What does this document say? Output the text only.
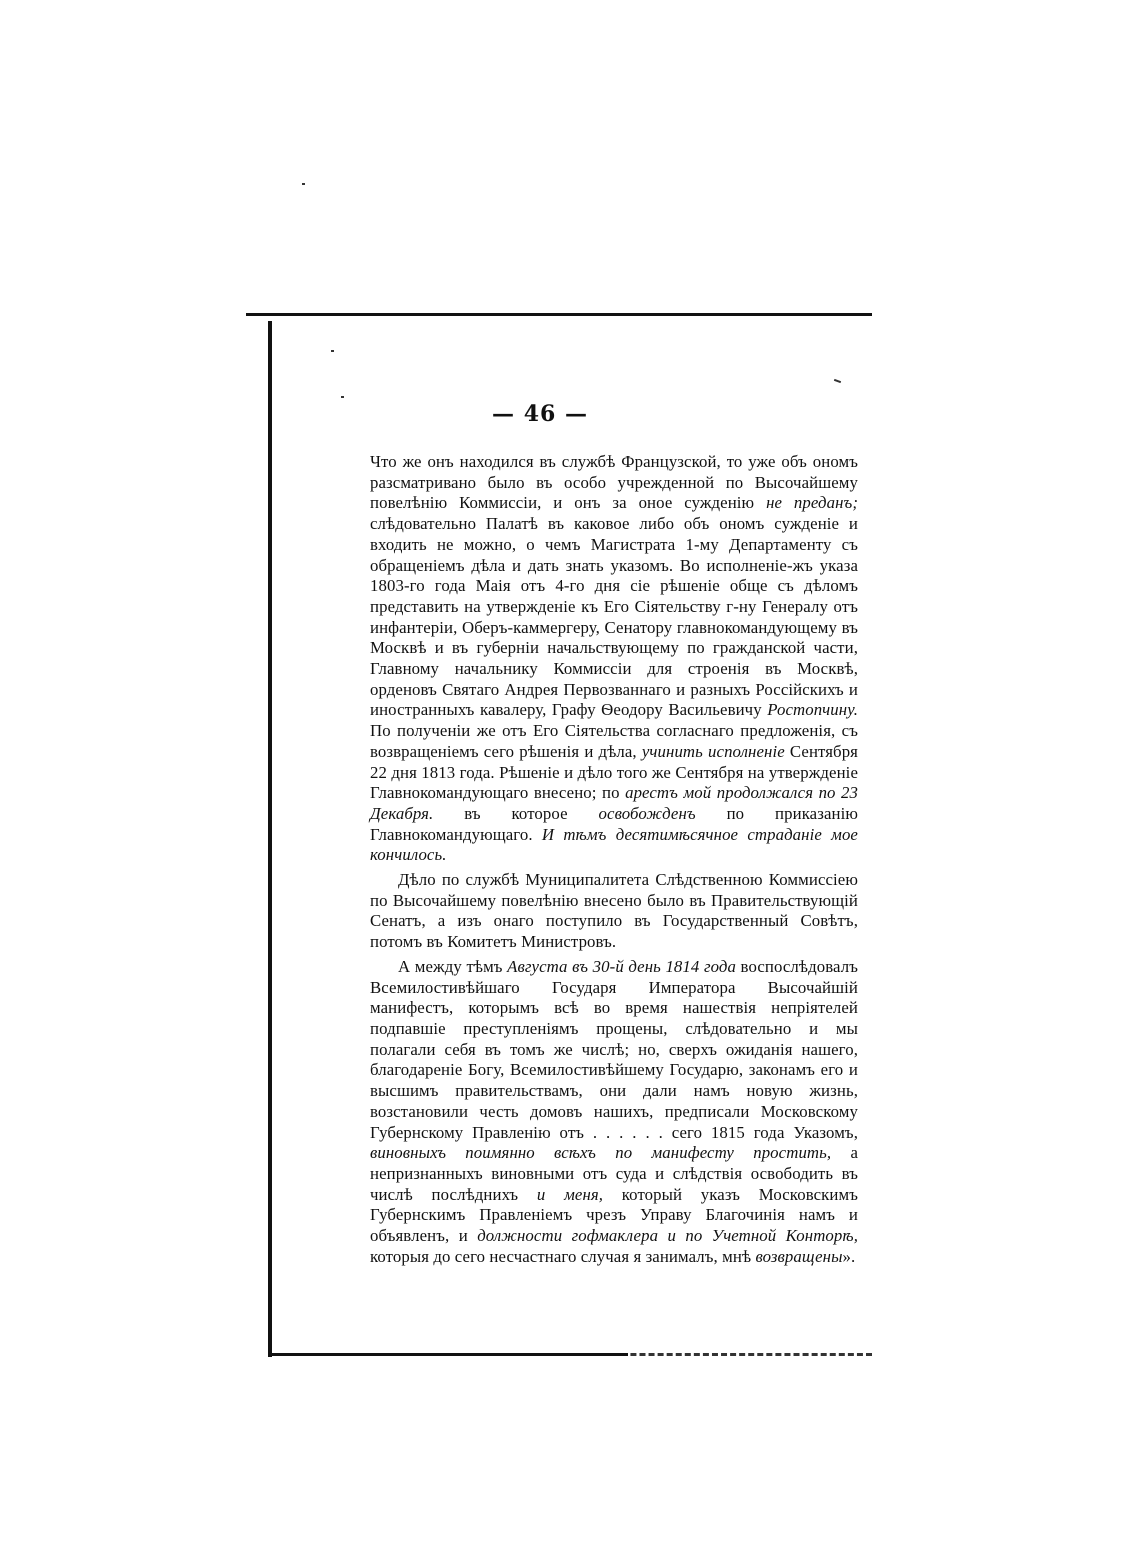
— 46 —

Что же онъ находился въ службѣ Французской, то уже объ ономъ разсматривано было въ особо учрежденной по Высочайшему повелѣнію Коммиссіи, и онъ за оное сужденію не преданъ; слѣдовательно Палатѣ въ каковое либо объ ономъ сужденіе и входить не можно, о чемъ Магистрата 1-му Департаменту съ обращеніемъ дѣла и дать знать указомъ. Во исполненіе-жъ указа 1803-го года Маія отъ 4-го дня сіе рѣшеніе обще съ дѣломъ представить на утвержденіе къ Его Сіятельству г-ну Генералу отъ инфантеріи, Оберъ-каммергеру, Сенатору главнокомандующему въ Москвѣ и въ губерніи начальствующему по гражданской части, Главному начальнику Коммиссіи для строенія въ Москвѣ, орденовъ Святаго Андрея Первозваннаго и разныхъ Россійскихъ и иностранныхъ кавалеру, Графу Ѳеодору Васильевичу Ростопчину. По полученіи же отъ Его Сіятельства согласнаго предложенія, съ возвращеніемъ сего рѣшенія и дѣла, учинить исполненіе Сентября 22 дня 1813 года. Рѣшеніе и дѣло того же Сентября на утвержденіе Главнокомандующаго внесено; по арестъ мой продолжался по 23 Декабря. въ которое освобожденъ по приказанію Главнокомандующаго. И тѣмъ десятимѣсячное страданіе мое кончилось.

Дѣло по службѣ Муниципалитета Слѣдственною Коммиссіею по Высочайшему повелѣнію внесено было въ Правительствующій Сенатъ, а изъ онаго поступило въ Государственный Совѣтъ, потомъ въ Комитетъ Министровъ.

А между тѣмъ Августа въ 30-й день 1814 года воспослѣдовалъ Всемилостивѣйшаго Государя Императора Высочайшій манифестъ, которымъ всѣ во время нашествія непріятелей подпавшіе преступленіямъ прощены, слѣдовательно и мы полагали себя въ томъ же числѣ; но, сверхъ ожиданія нашего, благодареніе Богу, Всемилостивѣйшему Государю, законамъ его и высшимъ правительствамъ, они дали намъ новую жизнь, возстановили честь домовъ нашихъ, предписали Московскому Губернскому Правленію отъ . . . . . . сего 1815 года Указомъ, виновныхъ поимянно всѣхъ по манифесту простить, а непризнанныхъ виновными отъ суда и слѣдствія освободить въ числѣ послѣднихъ и меня, который указъ Московскимъ Губернскимъ Правленіемъ чрезъ Управу Благочинія намъ и объявленъ, и должности гофмаклера и по Учетной Конторѣ, которыя до сего несчастнаго случая я занималъ, мнѣ возвращены».
